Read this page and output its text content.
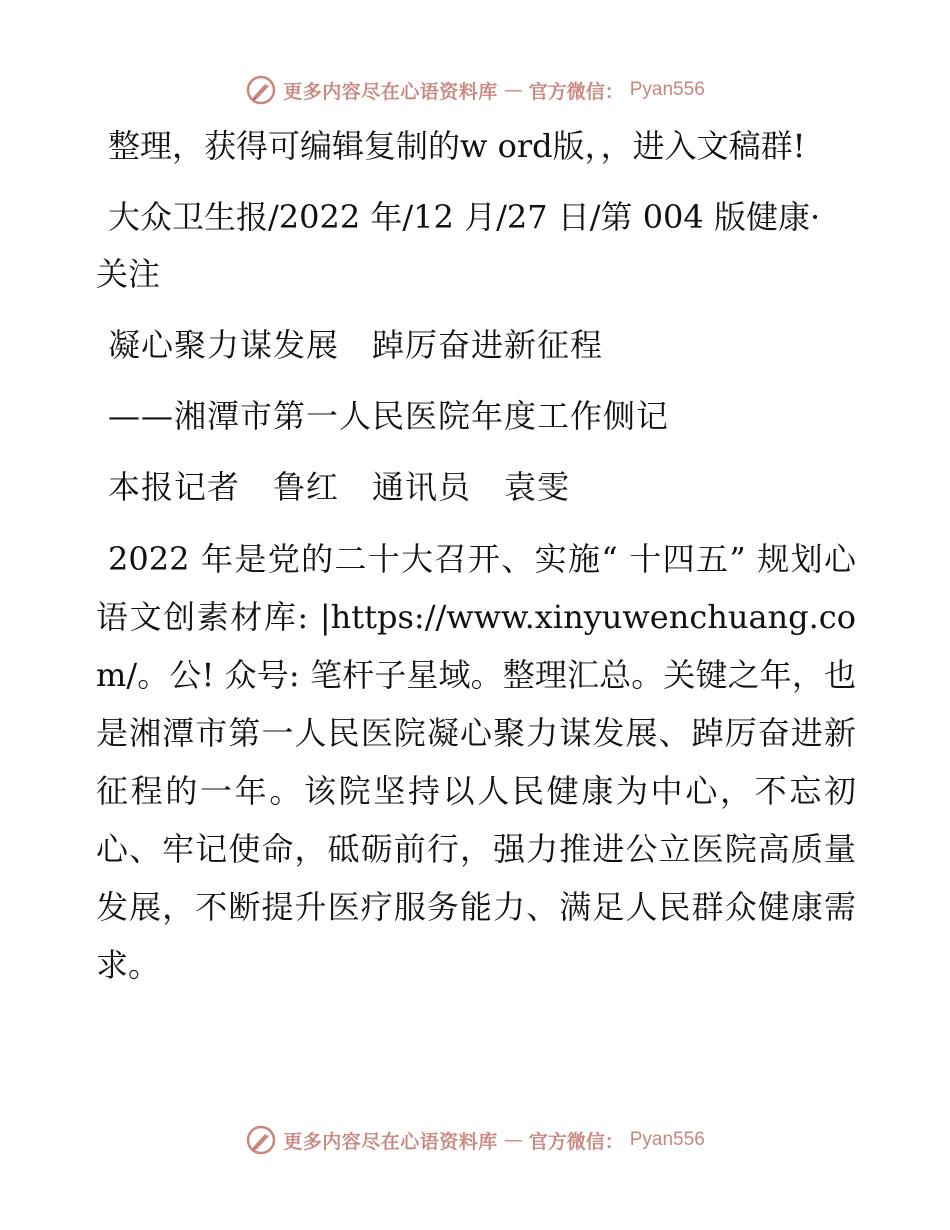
更多内容尽在心语资料库 — 官方微信： Pyan556

整理，获得可编辑复制的w ord版，，进入文稿群!

大众卫生报/2022 年/12 月/27 日/第 004 版健康· 关注

凝心聚力谋发展　踔厉奋进新征程

——湘潭市第一人民医院年度工作侧记

本报记者　鲁红　通讯员　袁雯

2022 年是党的二十大召开、实施“ 十四五” 规划心语文创素材库: |https://www.xinyuwenchuang.com/。公! 众号: 笔杆子星域。整理汇总。关键之年，也是湘潭市第一人民医院凝心聚力谋发展、踔厉奋进新征程的一年。该院坚持以人民健康为中心，不忘初心、牢记使命，砥砺前行，强力推进公立医院高质量发展，不断提升医疗服务能力、满足人民群众健康需求。

更多内容尽在心语资料库 — 官方微信： Pyan556
